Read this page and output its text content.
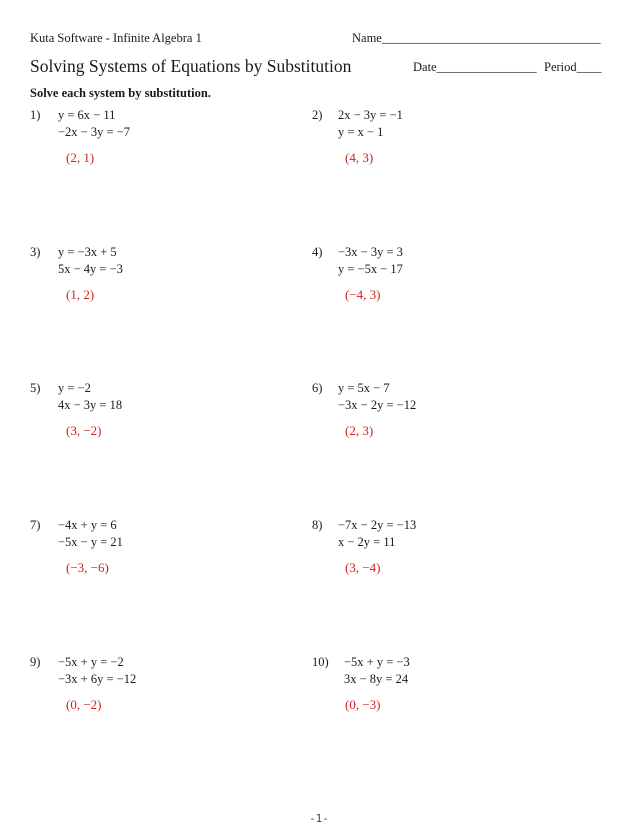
Kuta Software - Infinite Algebra 1	Name___________________________________
Solving Systems of Equations by Substitution	Date________________ Period____
Solve each system by substitution.
1) y = 6x − 11
−2x − 3y = −7
(2, 1)
2) 2x − 3y = −1
y = x − 1
(4, 3)
3) y = −3x + 5
5x − 4y = −3
(1, 2)
4) −3x − 3y = 3
y = −5x − 17
(−4, 3)
5) y = −2
4x − 3y = 18
(3, −2)
6) y = 5x − 7
−3x − 2y = −12
(2, 3)
7) −4x + y = 6
−5x − y = 21
(−3, −6)
8) −7x − 2y = −13
x − 2y = 11
(3, −4)
9) −5x + y = −2
−3x + 6y = −12
(0, −2)
10) −5x + y = −3
3x − 8y = 24
(0, −3)
-1-
